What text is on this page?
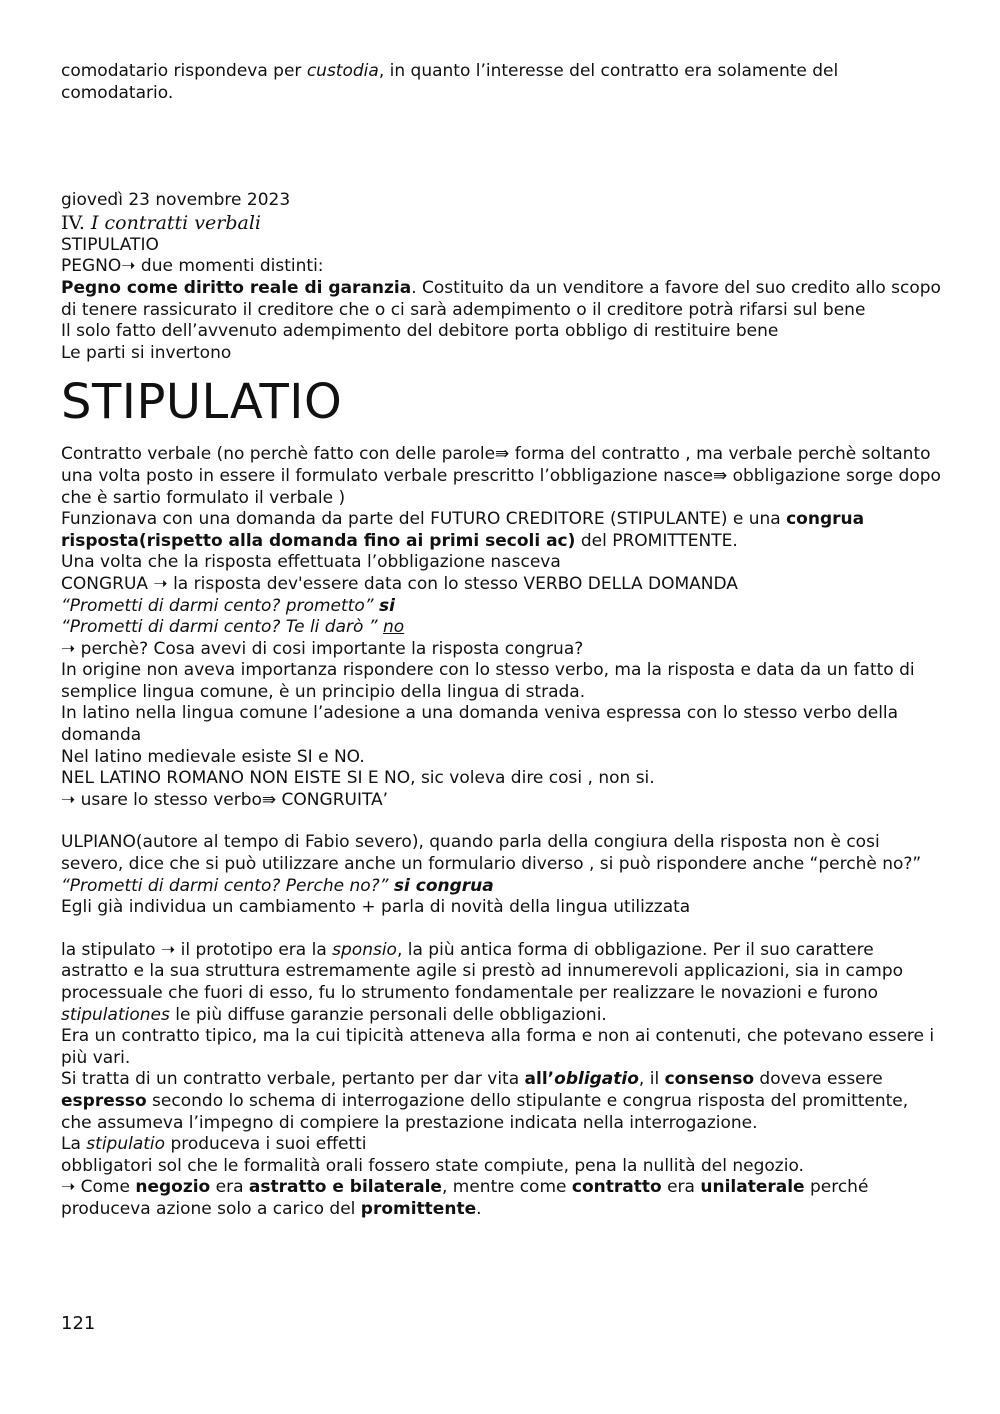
comodatario rispondeva per custodia, in quanto l’interesse del contratto era solamente del comodatario.

giovedì 23 novembre 2023

IV. I contratti verbali

STIPULATIO

PEGNO➝ due momenti distinti:

Pegno come diritto reale di garanzia. Costituito da un venditore a favore del suo credito allo scopo di tenere rassicurato il creditore che o ci sarà adempimento o il creditore potrà rifarsi sul bene

Il solo fatto dell’avvenuto adempimento del debitore porta obbligo di restituire bene

Le parti si invertono

STIPULATIO

Contratto verbale (no perchè fatto con delle parole⇛ forma del contratto , ma verbale perchè soltanto una volta posto in essere il formulato verbale prescritto l’obbligazione nasce⇛ obbligazione sorge dopo che è sartio formulato il verbale )

Funzionava con una domanda da parte del FUTURO CREDITORE (STIPULANTE) e una congrua risposta(rispetto alla domanda fino ai primi secoli ac) del PROMITTENTE.

Una volta che la risposta effettuata l’obbligazione nasceva

CONGRUA ➝ la risposta dev'essere data con lo stesso VERBO DELLA DOMANDA

“Prometti di darmi cento? prometto” si

“Prometti di darmi cento? Te li darò ” no

➝ perchè? Cosa avevi di cosi importante la risposta congrua?

In origine non aveva importanza rispondere con lo stesso verbo, ma la risposta e data da un fatto di semplice lingua comune, è un principio della lingua di strada.

In latino nella lingua comune l’adesione a una domanda veniva espressa con lo stesso verbo della domanda

Nel latino medievale esiste SI e NO.

NEL LATINO ROMANO NON EISTE SI E NO, sic voleva dire cosi , non si.

➝ usare lo stesso verbo⇛ CONGRUITA’

ULPIANO(autore al tempo di Fabio severo), quando parla della congiura della risposta non è cosi severo, dice che si può utilizzare anche un formulario diverso , si può rispondere anche “perchè no?”

“Prometti di darmi cento? Perche no?” si congrua

Egli già individua un cambiamento + parla di novità della lingua utilizzata

la stipulato ➝ il prototipo era la sponsio, la più antica forma di obbligazione. Per il suo carattere astratto e la sua struttura estremamente agile si prestò ad innumerevoli applicazioni, sia in campo processuale che fuori di esso, fu lo strumento fondamentale per realizzare le novazioni e furono stipulationes le più diffuse garanzie personali delle obbligazioni.

Era un contratto tipico, ma la cui tipicità atteneva alla forma e non ai contenuti, che potevano essere i più vari.

Si tratta di un contratto verbale, pertanto per dar vita all’obligatio, il consenso doveva essere espresso secondo lo schema di interrogazione dello stipulante e congrua risposta del promittente, che assumeva l’impegno di compiere la prestazione indicata nella interrogazione.

La stipulatio produceva i suoi effetti

obbligatori sol che le formalità orali fossero state compiute, pena la nullità del negozio.

➝ Come negozio era astratto e bilaterale, mentre come contratto era unilaterale perché produceva azione solo a carico del promittente.

121
